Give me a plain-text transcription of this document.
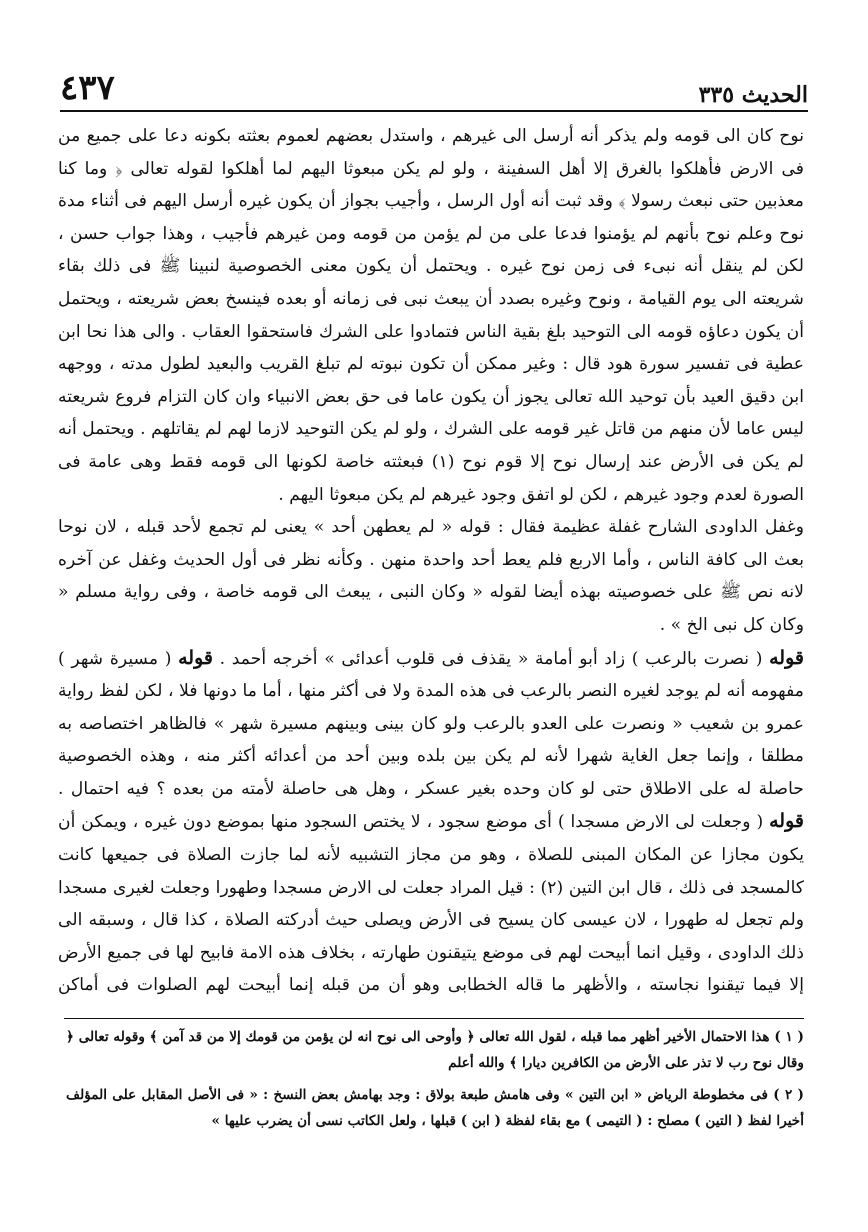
الحديث ٣٣٥
٤٣٧

نوح كان الى قومه ولم يذكر أنه أرسل الى غيرهم ، واستدل بعضهم لعموم بعثته بكونه دعا على جميع من فى الارض فأهلكوا بالغرق إلا أهل السفينة ، ولو لم يكن مبعوثا اليهم لما أهلكوا لقوله تعالى ﴿ وما كنا معذبين حتى نبعث رسولا ﴾ وقد ثبت أنه أول الرسل ، وأجيب بجواز أن يكون غيره أرسل اليهم فى أثناء مدة نوح وعلم نوح بأنهم لم يؤمنوا فدعا على من لم يؤمن من قومه ومن غيرهم فأجيب ، وهذا جواب حسن ، لكن لم ينقل أنه نبىء فى زمن نوح غيره . ويحتمل أن يكون معنى الخصوصية لنبينا ﷺ فى ذلك بقاء شريعته الى يوم القيامة ، ونوح وغيره بصدد أن يبعث نبى فى زمانه أو بعده فينسخ بعض شريعته ، ويحتمل أن يكون دعاؤه قومه الى التوحيد بلغ بقية الناس فتمادوا على الشرك فاستحقوا العقاب . والى هذا نحا ابن عطية فى تفسير سورة هود قال : وغير ممكن أن تكون نبوته لم تبلغ القريب والبعيد لطول مدته ، ووجهه ابن دقيق العيد بأن توحيد الله تعالى يجوز أن يكون عاما فى حق بعض الانبياء وان كان التزام فروع شريعته ليس عاما لأن منهم من قاتل غير قومه على الشرك ، ولو لم يكن التوحيد لازما لهم لم يقاتلهم . ويحتمل أنه لم يكن فى الأرض عند إرسال نوح إلا قوم نوح (١) فبعثته خاصة لكونها الى قومه فقط وهى عامة فى الصورة لعدم وجود غيرهم ، لكن لو اتفق وجود غيرهم لم يكن مبعوثا اليهم .

وغفل الداودى الشارح غفلة عظيمة فقال : قوله « لم يعطهن أحد » يعنى لم تجمع لأحد قبله ، لان نوحا بعث الى كافة الناس ، وأما الاربع فلم يعط أحد واحدة منهن . وكأنه نظر فى أول الحديث وغفل عن آخره لانه نص ﷺ على خصوصيته بهذه أيضا لقوله « وكان النبى ، يبعث الى قومه خاصة ، وفى رواية مسلم « وكان كل نبى الخ » .

قوله ( نصرت بالرعب ) زاد أبو أمامة « يقذف فى قلوب أعدائى » أخرجه أحمد . قوله ( مسيرة شهر ) مفهومه أنه لم يوجد لغيره النصر بالرعب فى هذه المدة ولا فى أكثر منها ، أما ما دونها فلا ، لكن لفظ رواية عمرو بن شعيب « ونصرت على العدو بالرعب ولو كان بينى وبينهم مسيرة شهر » فالظاهر اختصاصه به مطلقا ، وإنما جعل الغاية شهرا لأنه لم يكن بين بلده وبين أحد من أعدائه أكثر منه ، وهذه الخصوصية حاصلة له على الاطلاق حتى لو كان وحده بغير عسكر ، وهل هى حاصلة لأمته من بعده ؟ فيه احتمال . قوله ( وجعلت لى الارض مسجدا ) أى موضع سجود ، لا يختص السجود منها بموضع دون غيره ، ويمكن أن يكون مجازا عن المكان المبنى للصلاة ، وهو من مجاز التشبيه لأنه لما جازت الصلاة فى جميعها كانت كالمسجد فى ذلك ، قال ابن التين (٢) : قيل المراد جعلت لى الارض مسجدا وطهورا وجعلت لغيرى مسجدا ولم تجعل له طهورا ، لان عيسى كان يسيح فى الأرض ويصلى حيث أدركته الصلاة ، كذا قال ، وسبقه الى ذلك الداودى ، وقيل انما أبيحت لهم فى موضع يتيقنون طهارته ، بخلاف هذه الامة فابيح لها فى جميع الأرض إلا فيما تيقنوا نجاسته ، والأظهر ما قاله الخطابى وهو أن من قبله إنما أبيحت لهم الصلوات فى أماكن

( ١ ) هذا الاحتمال الأخير أظهر مما قبله ، لقول الله تعالى ﴿ وأوحى الى نوح انه لن يؤمن من قومك إلا من قد آمن ﴾ وقوله تعالى ﴿ وقال نوح رب لا تذر على الأرض من الكافرين ديارا ﴾ والله أعلم

( ٢ ) فى مخطوطة الرياض « ابن التين » وفى هامش طبعة بولاق : وجد بهامش بعض النسخ : « فى الأصل المقابل على المؤلف أخيرا لفظ ( التين ) مصلح : ( التيمى ) مع بقاء لفظة ( ابن ) قبلها ، ولعل الكاتب نسى أن يضرب عليها »
